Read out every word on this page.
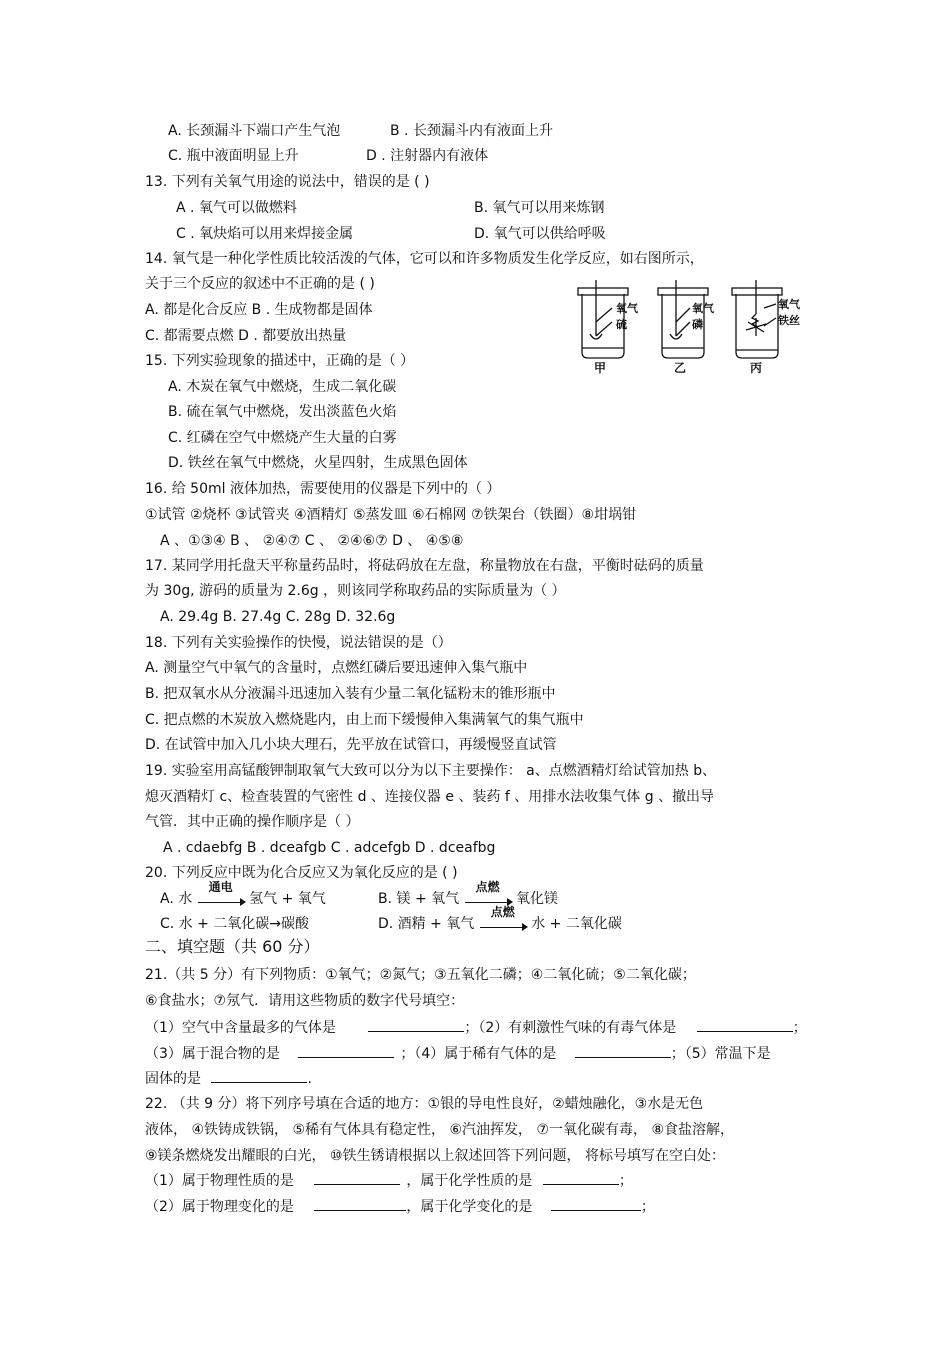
A. 长颈漏斗下端口产生气泡	B . 长颈漏斗内有液面上升
C. 瓶中液面明显上升	D . 注射器内有液体
13. 下列有关氧气用途的说法中，错误的是 ( )
A . 氧气可以做燃料	B. 氧气可以用来炼钢
C . 氧炔焰可以用来焊接金属	D. 氧气可以供给呼吸
14. 氧气是一种化学性质比较活泼的气体，它可以和许多物质发生化学反应，如右图所示，
关于三个反应的叙述中不正确的是 ( )
A. 都是化合反应 B . 生成物都是固体
C. 都需要点燃 D . 都要放出热量
氧气
硫
氧气
磷
氧气
铁丝
甲	乙	丙
15. 下列实验现象的描述中，正确的是（ ）
A. 木炭在氧气中燃烧，生成二氧化碳
B. 硫在氧气中燃烧，发出淡蓝色火焰
C. 红磷在空气中燃烧产生大量的白雾
D. 铁丝在氧气中燃烧，火星四射，生成黑色固体
16. 给 50ml 液体加热，需要使用的仪器是下列中的（ ）
①试管 ②烧杯 ③试管夹 ④酒精灯 ⑤蒸发皿 ⑥石棉网 ⑦铁架台（铁圈）⑧坩埚钳
A 、①③④ B 、 ②④⑦ C 、 ②④⑥⑦ D 、 ④⑤⑧
17. 某同学用托盘天平称量药品时，将砝码放在左盘，称量物放在右盘，平衡时砝码的质量
为 30g, 游码的质量为 2.6g ，则该同学称取药品的实际质量为（ ）
A. 29.4g B. 27.4g C. 28g D. 32.6g
18. 下列有关实验操作的快慢，说法错误的是（）
A. 测量空气中氧气的含量时，点燃红磷后要迅速伸入集气瓶中
B. 把双氧水从分液漏斗迅速加入装有少量二氧化锰粉末的锥形瓶中
C. 把点燃的木炭放入燃烧匙内，由上而下缓慢伸入集满氧气的集气瓶中
D. 在试管中加入几小块大理石，先平放在试管口，再缓慢竖直试管
19. 实验室用高锰酸钾制取氧气大致可以分为以下主要操作： a、点燃酒精灯给试管加热 b、
熄灭酒精灯 c、检查装置的气密性 d 、连接仪器 e 、装药 f 、用排水法收集气体 g 、撤出导
气管．其中正确的操作顺序是（ ）
A . cdaebfg B . dceafgb C . adcefgb D . dceafbg
20. 下列反应中既为化合反应又为氧化反应的是 ( )
A. 水
通电
氢气 + 氧气	B. 镁 + 氧气
点燃
氧化镁
C. 水 + 二氧化碳→碳酸	D. 酒精 + 氧气
点燃
水 + 二氧化碳
二、填空题（共 60 分）
21.（共 5 分）有下列物质：①氧气；②氮气；③五氧化二磷；④二氧化硫；⑤二氧化碳；
⑥食盐水；⑦氖气．请用这些物质的数字代号填空：
（1）空气中含量最多的气体是	；（2）有刺激性气味的有毒气体是	；
（3）属于混合物的是	；（4）属于稀有气体的是	；（5）常温下是
固体的是	.
22. （共 9 分）将下列序号填在合适的地方：①银的导电性良好，②蜡烛融化，③水是无色
液体， ④铁铸成铁锅， ⑤稀有气体具有稳定性， ⑥汽油挥发， ⑦一氧化碳有毒， ⑧食盐溶解，
⑨镁条燃烧发出耀眼的白光， ⑩铁生锈请根据以上叙述回答下列问题， 将标号填写在空白处：
（1）属于物理性质的是	，属于化学性质的是	；
（2）属于物理变化的是	，属于化学变化的是	；
